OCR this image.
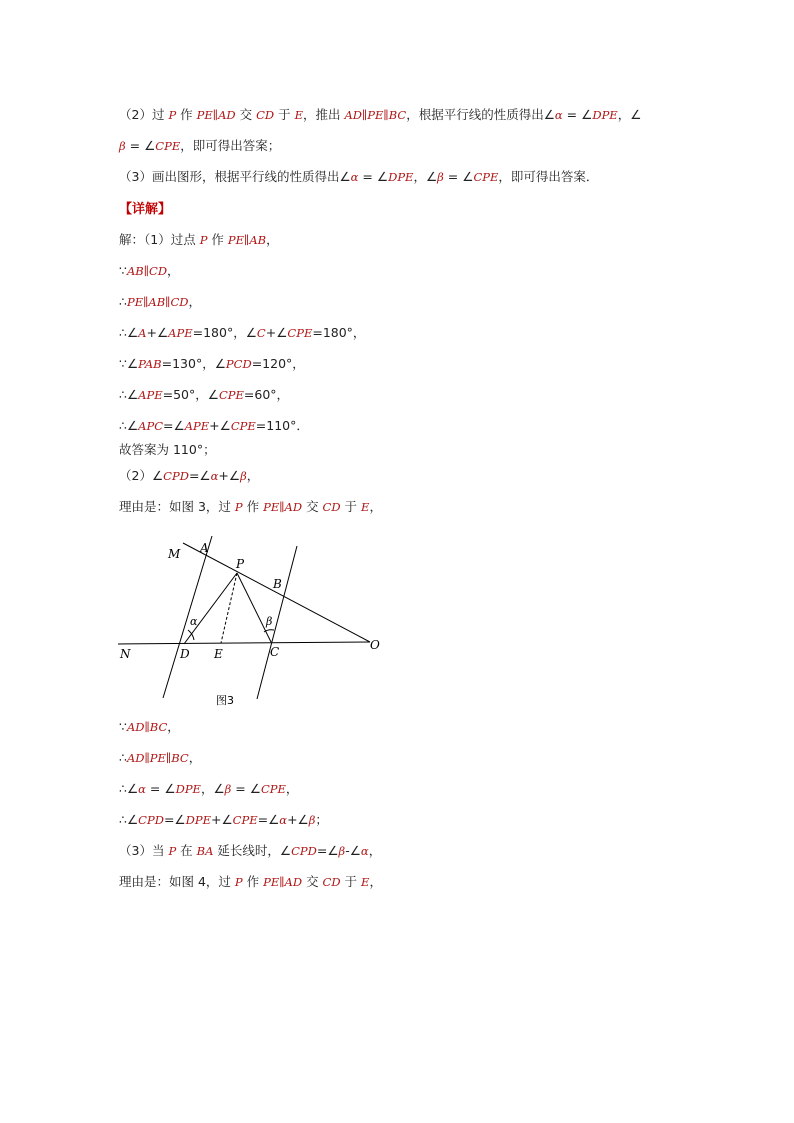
（2）过 P 作 PE∥AD 交 CD 于 E，推出 AD∥PE∥BC，根据平行线的性质得出∠α = ∠DPE，∠
β = ∠CPE，即可得出答案；
（3）画出图形，根据平行线的性质得出∠α = ∠DPE，∠β = ∠CPE，即可得出答案．
【详解】
解：（1）过点 P 作 PE∥AB，
∵AB∥CD，
∴PE∥AB∥CD，
∴∠A+∠APE=180°，∠C+∠CPE=180°，
∵∠PAB=130°，∠PCD=120°，
∴∠APE=50°，∠CPE=60°，
∴∠APC=∠APE+∠CPE=110°．
故答案为 110°；
（2）∠CPD=∠α+∠β，
理由是：如图 3，过 P 作 PE∥AD 交 CD 于 E，
∵AD∥BC，
∴AD∥PE∥BC，
∴∠α = ∠DPE，∠β = ∠CPE，
∴∠CPD=∠DPE+∠CPE=∠α+∠β；
（3）当 P 在 BA 延长线时，∠CPD=∠β-∠α，
理由是：如图 4，过 P 作 PE∥AD 交 CD 于 E，
M A
P
B
O
N	D E	C
α	β
图3
